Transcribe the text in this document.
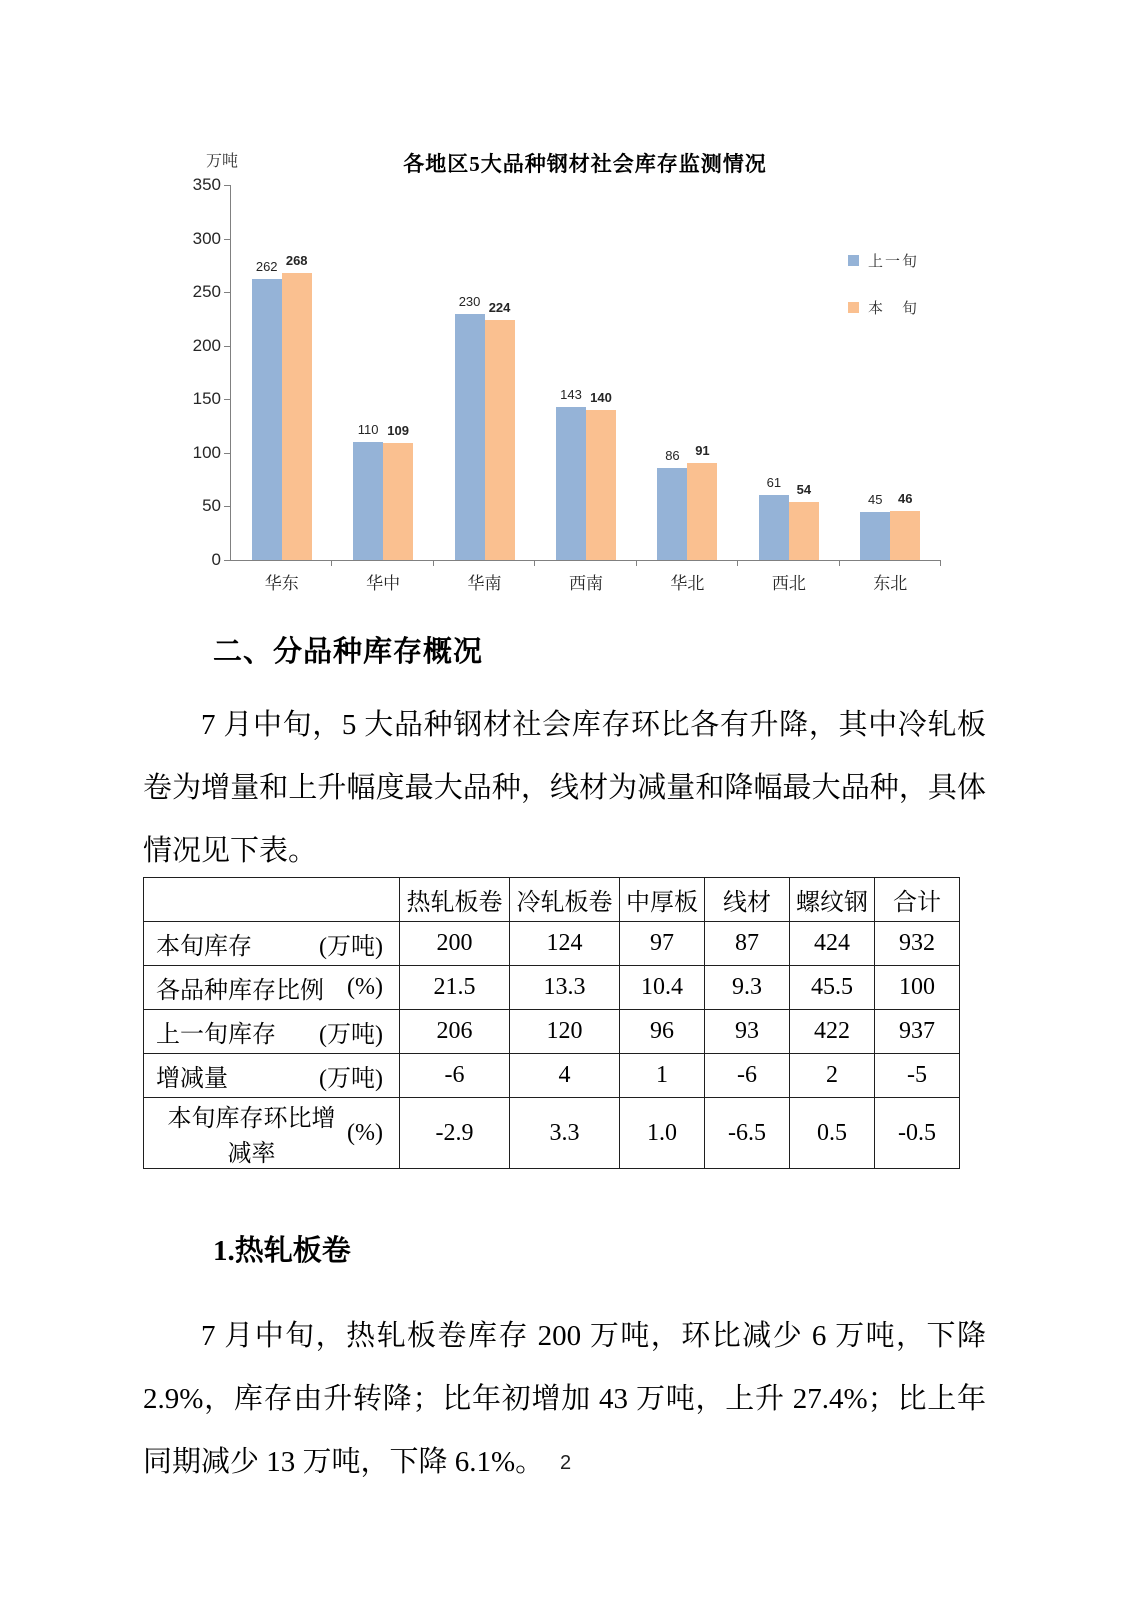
万吨	各地区5大品种钢材社会库存监测情况
0
50
100
150
200
250
300
350
262 268
华东
110 109
华中
230 224
华南
143 140
西南
86	91
华北
61	54
西北
45	46
东北
上一旬
本　旬
二、分品种库存概况

7 月中旬，5 大品种钢材社会库存环比各有升降，其中冷轧板卷为增量和上升幅度最大品种，线材为减量和降幅最大品种，具体情况见下表。

	热轧板卷	冷轧板卷	中厚板	线材	螺纹钢	合计

本旬库存 (万吨)	200	124	97	87	424	932

各品种库存比例 (%)	21.5	13.3	10.4	9.3	45.5	100

上一旬库存 (万吨)	206	120	96	93	422	937

增减量 (万吨)	-6	4	1	-6	2	-5

本旬库存环比增减率
(%)	-2.9	3.3	1.0	-6.5	0.5	-0.5
1.热轧板卷

7 月中旬，热轧板卷库存 200 万吨，环比减少 6 万吨，下降 2.9%，库存由升转降；比年初增加 43 万吨，上升 27.4%；比上年同期减少 13 万吨，下降 6.1%。 2
